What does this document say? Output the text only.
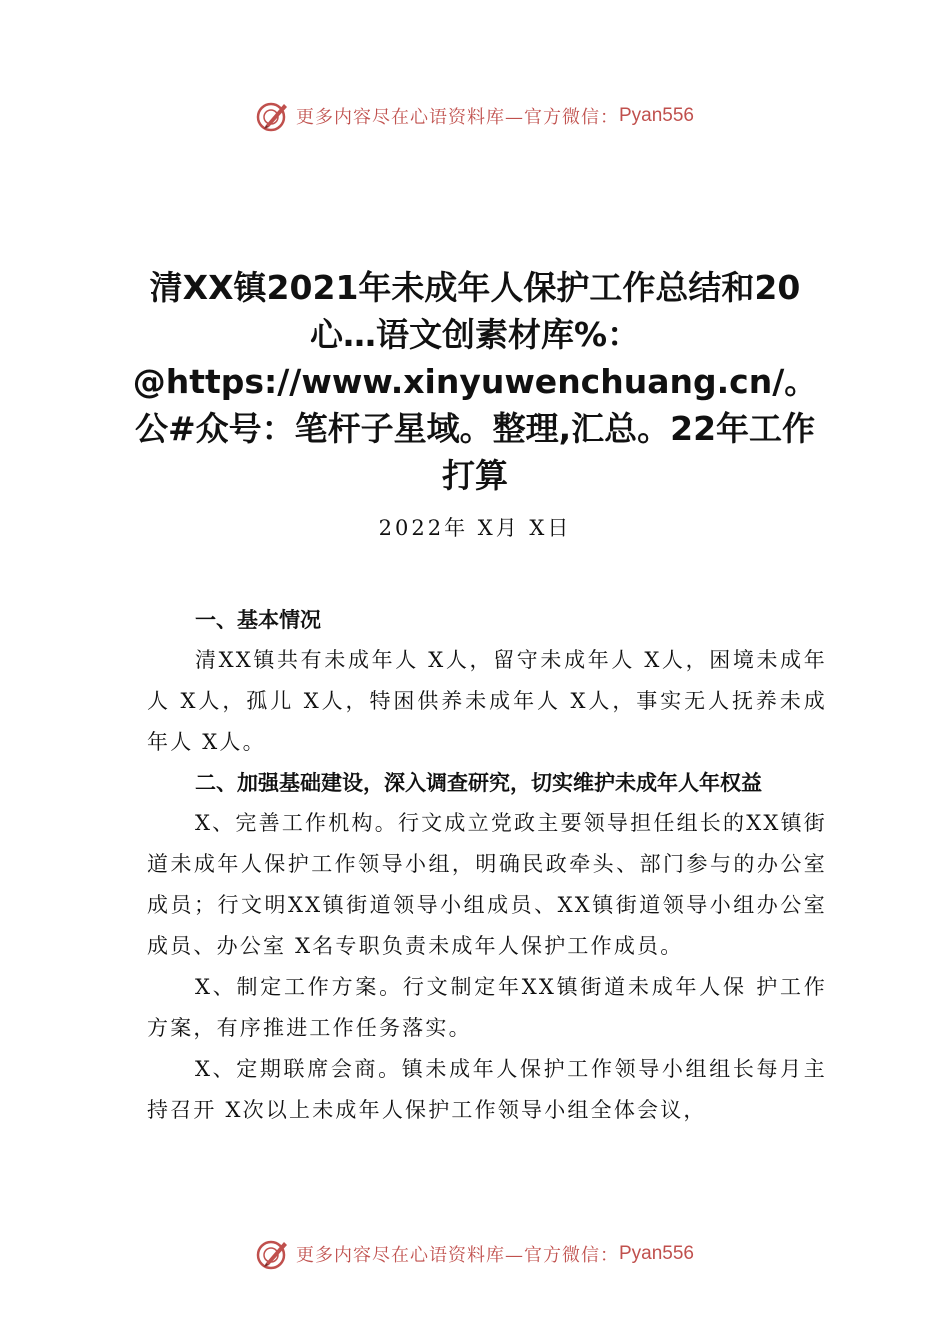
更多内容尽在心语资料库—官方微信： Pyan556
清XX镇2021年未成年人保护工作总结和20心…语文创素材库%：@https://www.xinyuwenchuang.cn/。公#众号：笔杆子星域。整理,汇总。22年工作打算
2022年 X月 X日

一、基本情况

清XX镇共有未成年人 X人，留守未成年人 X人，困境未成年人 X人，孤儿 X人，特困供养未成年人 X人，事实无人抚养未成年人 X人。

二、加强基础建设，深入调查研究，切实维护未成年人年权益

X、完善工作机构。行文成立党政主要领导担任组长的XX镇街道未成年人保护工作领导小组，明确民政牵头、部门参与的办公室成员；行文明XX镇街道领导小组成员、XX镇街道领导小组办公室成员、办公室 X名专职负责未成年人保护工作成员。

X、制定工作方案。行文制定年XX镇街道未成年人保 护工作方案，有序推进工作任务落实。

X、定期联席会商。镇未成年人保护工作领导小组组长每月主持召开 X次以上未成年人保护工作领导小组全体会议，

更多内容尽在心语资料库—官方微信： Pyan556
